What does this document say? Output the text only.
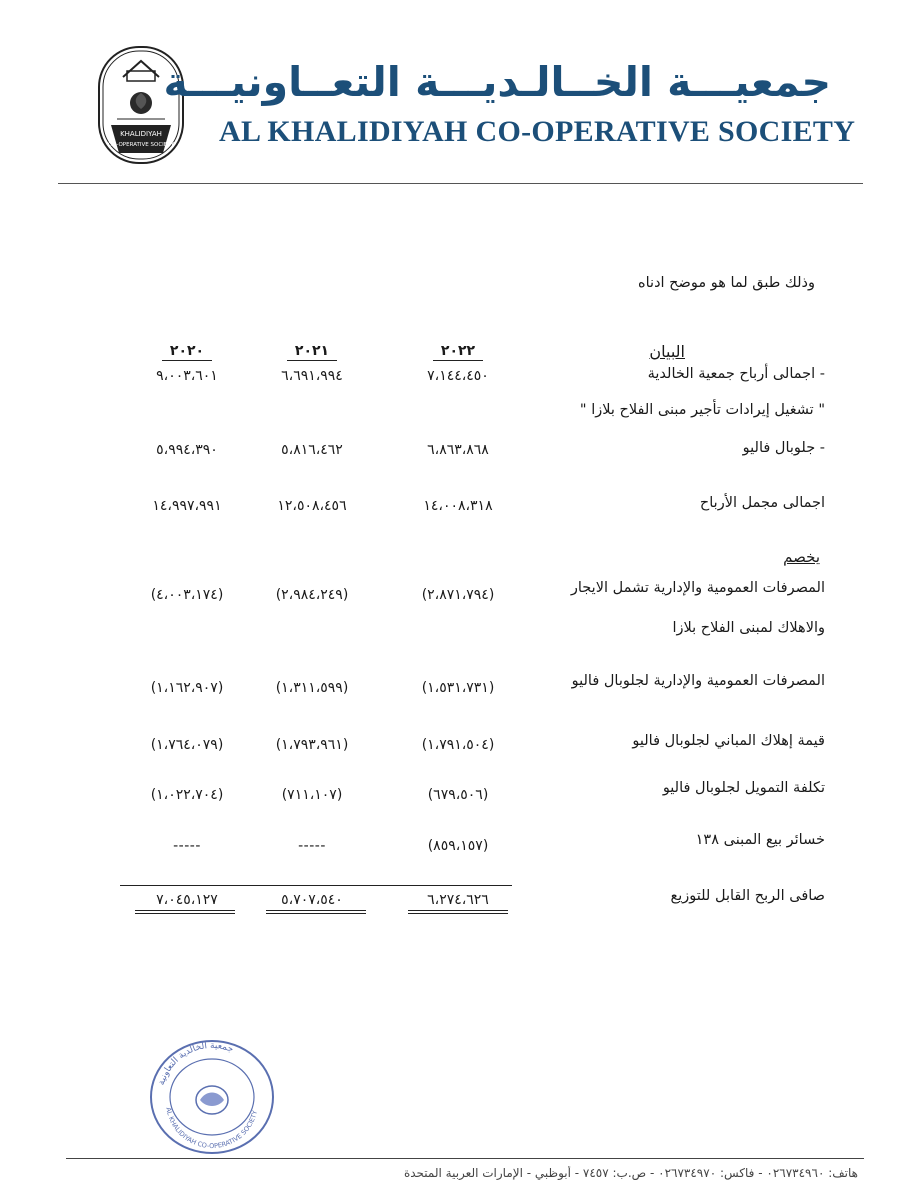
KHALIDIYAH
CO-OPERATIVE SOCIETY
جمعيـــة الخــالـديـــة التعــاونيـــة
AL KHALIDIYAH CO-OPERATIVE SOCIETY
وذلك طبق لما هو موضح ادناه
البيان
٢٠٢٢
٢٠٢١
٢٠٢٠
- اجمالى أرباح جمعية الخالدية
٧،١٤٤،٤٥٠
٦،٦٩١،٩٩٤
٩،٠٠٣،٦٠١
" تشغيل إيرادات تأجير مبنى الفلاح بلازا "
- جلوبال فاليو
٦،٨٦٣،٨٦٨
٥،٨١٦،٤٦٢
٥،٩٩٤،٣٩٠
اجمالى مجمل الأرباح
١٤،٠٠٨،٣١٨
١٢،٥٠٨،٤٥٦
١٤،٩٩٧،٩٩١
يخصم
المصرفات العمومية والإدارية تشمل الايجار
(٢،٨٧١،٧٩٤)
(٢،٩٨٤،٢٤٩)
(٤،٠٠٣،١٧٤)
والاهلاك لمبنى الفلاح بلازا
المصرفات العمومية والإدارية لجلوبال فاليو
(١،٥٣١،٧٣١)
(١،٣١١،٥٩٩)
(١،١٦٢،٩٠٧)
قيمة إهلاك المباني لجلوبال فاليو
(١،٧٩١،٥٠٤)
(١،٧٩٣،٩٦١)
(١،٧٦٤،٠٧٩)
تكلفة التمويل لجلوبال فاليو
(٦٧٩،٥٠٦)
(٧١١،١٠٧)
(١،٠٢٢،٧٠٤)
خسائر بيع المبنى ١٣٨
(٨٥٩،١٥٧)
-----
-----
صافى الربح القابل للتوزيع
٦،٢٧٤،٦٢٦
٥،٧٠٧،٥٤٠
٧،٠٤٥،١٢٧
جمعية الخالدية التعاونية
AL KHALIDIYAH CO-OPERATIVE SOCIETY
هاتف: ٠٢٦٧٣٤٩٦٠ - فاكس: ٠٢٦٧٣٤٩٧٠ - ص.ب: ٧٤٥٧ - أبوظبي - الإمارات العربية المتحدة
